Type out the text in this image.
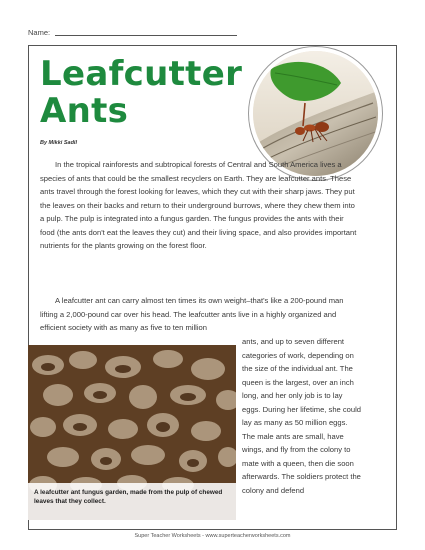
Name:
Leafcutter
Ants
By Mikki Sadil

In the tropical rainforests and subtropical forests of Central and South America lives a species of ants that could be the smallest recyclers on Earth. They are leafcutter ants. These ants travel through the forest looking for leaves, which they cut with their sharp jaws. They put the leaves on their backs and return to their underground burrows, where they chew them into a pulp. The pulp is integrated into a fungus garden. The fungus provides the ants with their food (the ants don't eat the leaves they cut) and their living space, and also provides important nutrients for the plants growing on the forest floor.

A leafcutter ant can carry almost ten times its own weight–that's like a 200-pound man lifting a 2,000-pound car over his head. The leafcutter ants live in a highly organized and efficient society with as many as five to ten million

ants, and up to seven different categories of work, depending on the size of the individual ant. The queen is the largest, over an inch long, and her only job is to lay eggs. During her lifetime, she could lay as many as 50 million eggs. The male ants are small, have wings, and fly from the colony to mate with a queen, then die soon afterwards. The soldiers protect the colony and defend

A leafcutter ant fungus garden, made from the pulp of chewed leaves that they collect.
Super Teacher Worksheets - www.superteacherworksheets.com
